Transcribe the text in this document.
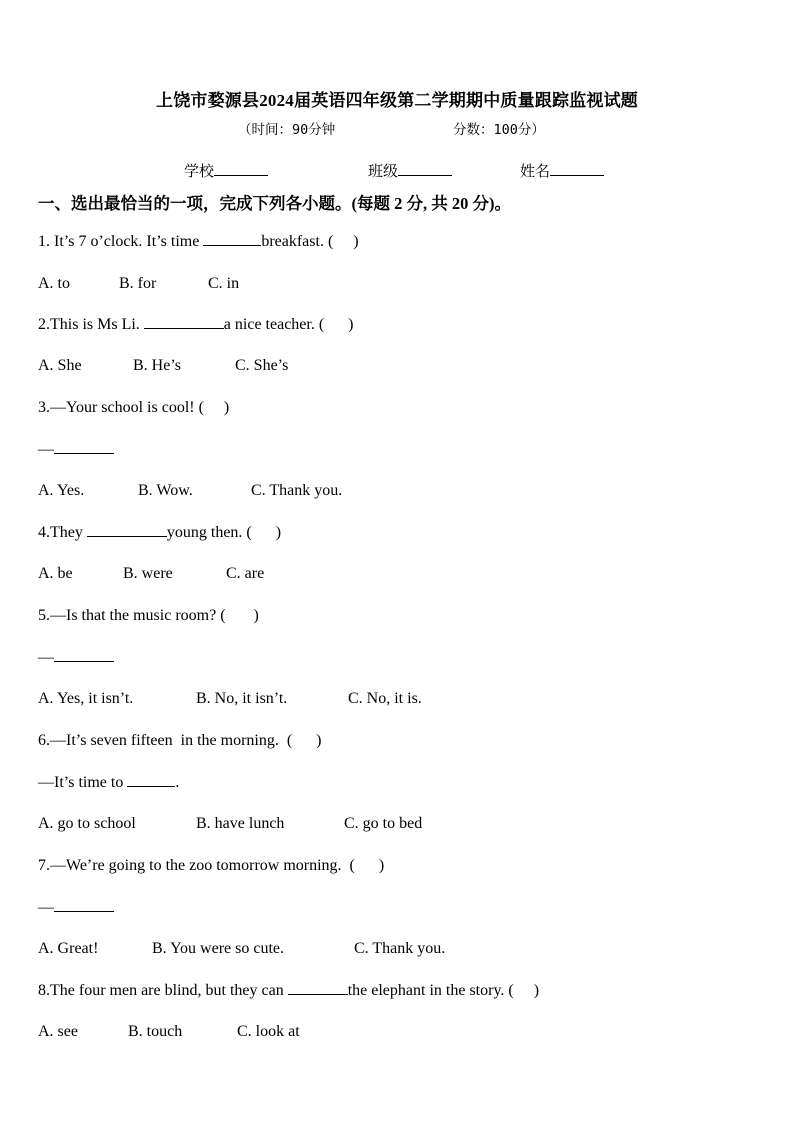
上饶市婺源县2024届英语四年级第二学期期中质量跟踪监视试题
（时间：90分钟	分数：100分）
学校	班级	姓名
一、选出最恰当的一项，完成下列各小题。(每题 2 分, 共 20 分)。
1. It’s 7 o’clock. It’s time	breakfast. (     )
A. to	B. for	C. in
2.This is Ms Li.	a nice teacher. (      )
A. She	B. He’s	C. She’s
3.—Your school is cool! (     )
—
A. Yes.	B. Wow.	C. Thank you.
4.They	young then. (      )
A. be	B. were	C. are
5.—Is that the music room? (       )
—
A. Yes, it isn’t.	B. No, it isn’t.	C. No, it is.
6.—It’s seven fifteen  in the morning.  (      )
—It’s time to	.
A. go to school	B. have lunch	C. go to bed
7.—We’re going to the zoo tomorrow morning.  (      )
—
A. Great!	B. You were so cute.	C. Thank you.
8.The four men are blind, but they can	the elephant in the story. (     )
A. see	B. touch	C. look at
